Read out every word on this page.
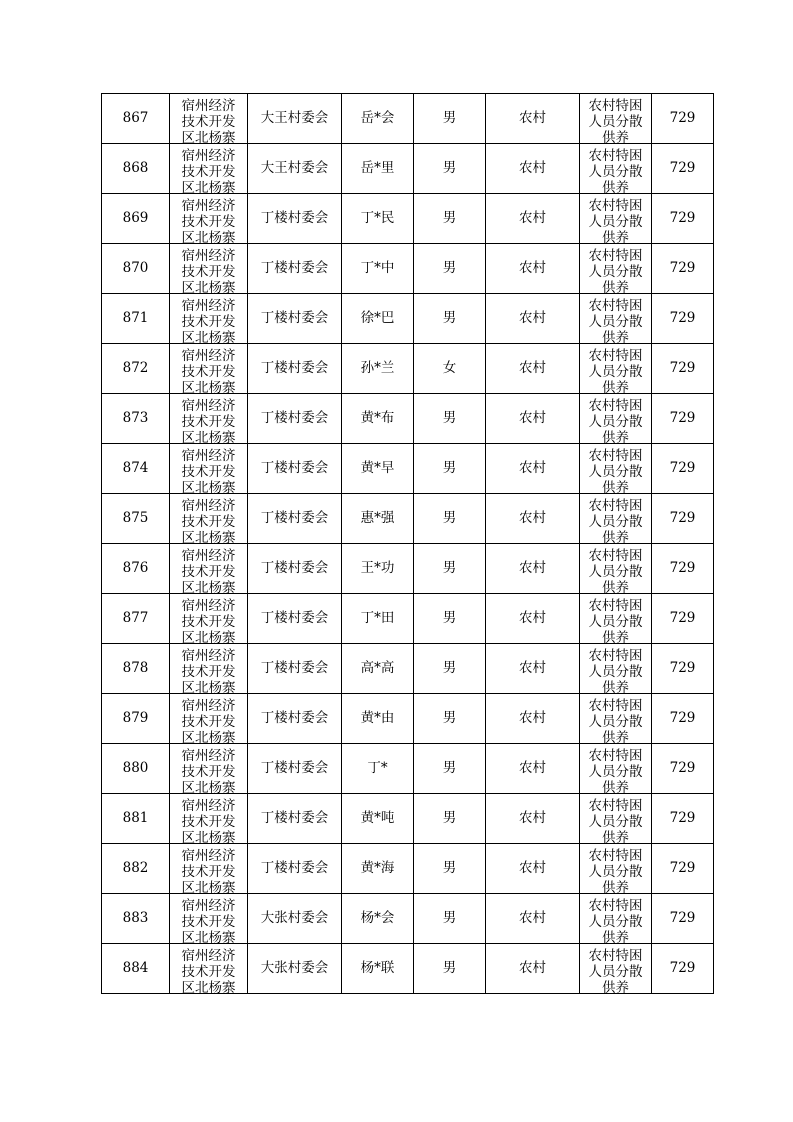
867	宿州经济
技术开发
区北杨寨	大王村委会	岳*会	男	农村	农村特困
人员分散
供养	729
868	宿州经济
技术开发
区北杨寨	大王村委会	岳*里	男	农村	农村特困
人员分散
供养	729
869	宿州经济
技术开发
区北杨寨	丁楼村委会	丁*民	男	农村	农村特困
人员分散
供养	729
870	宿州经济
技术开发
区北杨寨	丁楼村委会	丁*中	男	农村	农村特困
人员分散
供养	729
871	宿州经济
技术开发
区北杨寨	丁楼村委会	徐*巴	男	农村	农村特困
人员分散
供养	729
872	宿州经济
技术开发
区北杨寨	丁楼村委会	孙*兰	女	农村	农村特困
人员分散
供养	729
873	宿州经济
技术开发
区北杨寨	丁楼村委会	黄*布	男	农村	农村特困
人员分散
供养	729
874	宿州经济
技术开发
区北杨寨	丁楼村委会	黄*早	男	农村	农村特困
人员分散
供养	729
875	宿州经济
技术开发
区北杨寨	丁楼村委会	惠*强	男	农村	农村特困
人员分散
供养	729
876	宿州经济
技术开发
区北杨寨	丁楼村委会	王*功	男	农村	农村特困
人员分散
供养	729
877	宿州经济
技术开发
区北杨寨	丁楼村委会	丁*田	男	农村	农村特困
人员分散
供养	729
878	宿州经济
技术开发
区北杨寨	丁楼村委会	高*高	男	农村	农村特困
人员分散
供养	729
879	宿州经济
技术开发
区北杨寨	丁楼村委会	黄*由	男	农村	农村特困
人员分散
供养	729
880	宿州经济
技术开发
区北杨寨	丁楼村委会	丁*	男	农村	农村特困
人员分散
供养	729
881	宿州经济
技术开发
区北杨寨	丁楼村委会	黄*吨	男	农村	农村特困
人员分散
供养	729
882	宿州经济
技术开发
区北杨寨	丁楼村委会	黄*海	男	农村	农村特困
人员分散
供养	729
883	宿州经济
技术开发
区北杨寨	大张村委会	杨*会	男	农村	农村特困
人员分散
供养	729
884	宿州经济
技术开发
区北杨寨	大张村委会	杨*联	男	农村	农村特困
人员分散
供养	729
